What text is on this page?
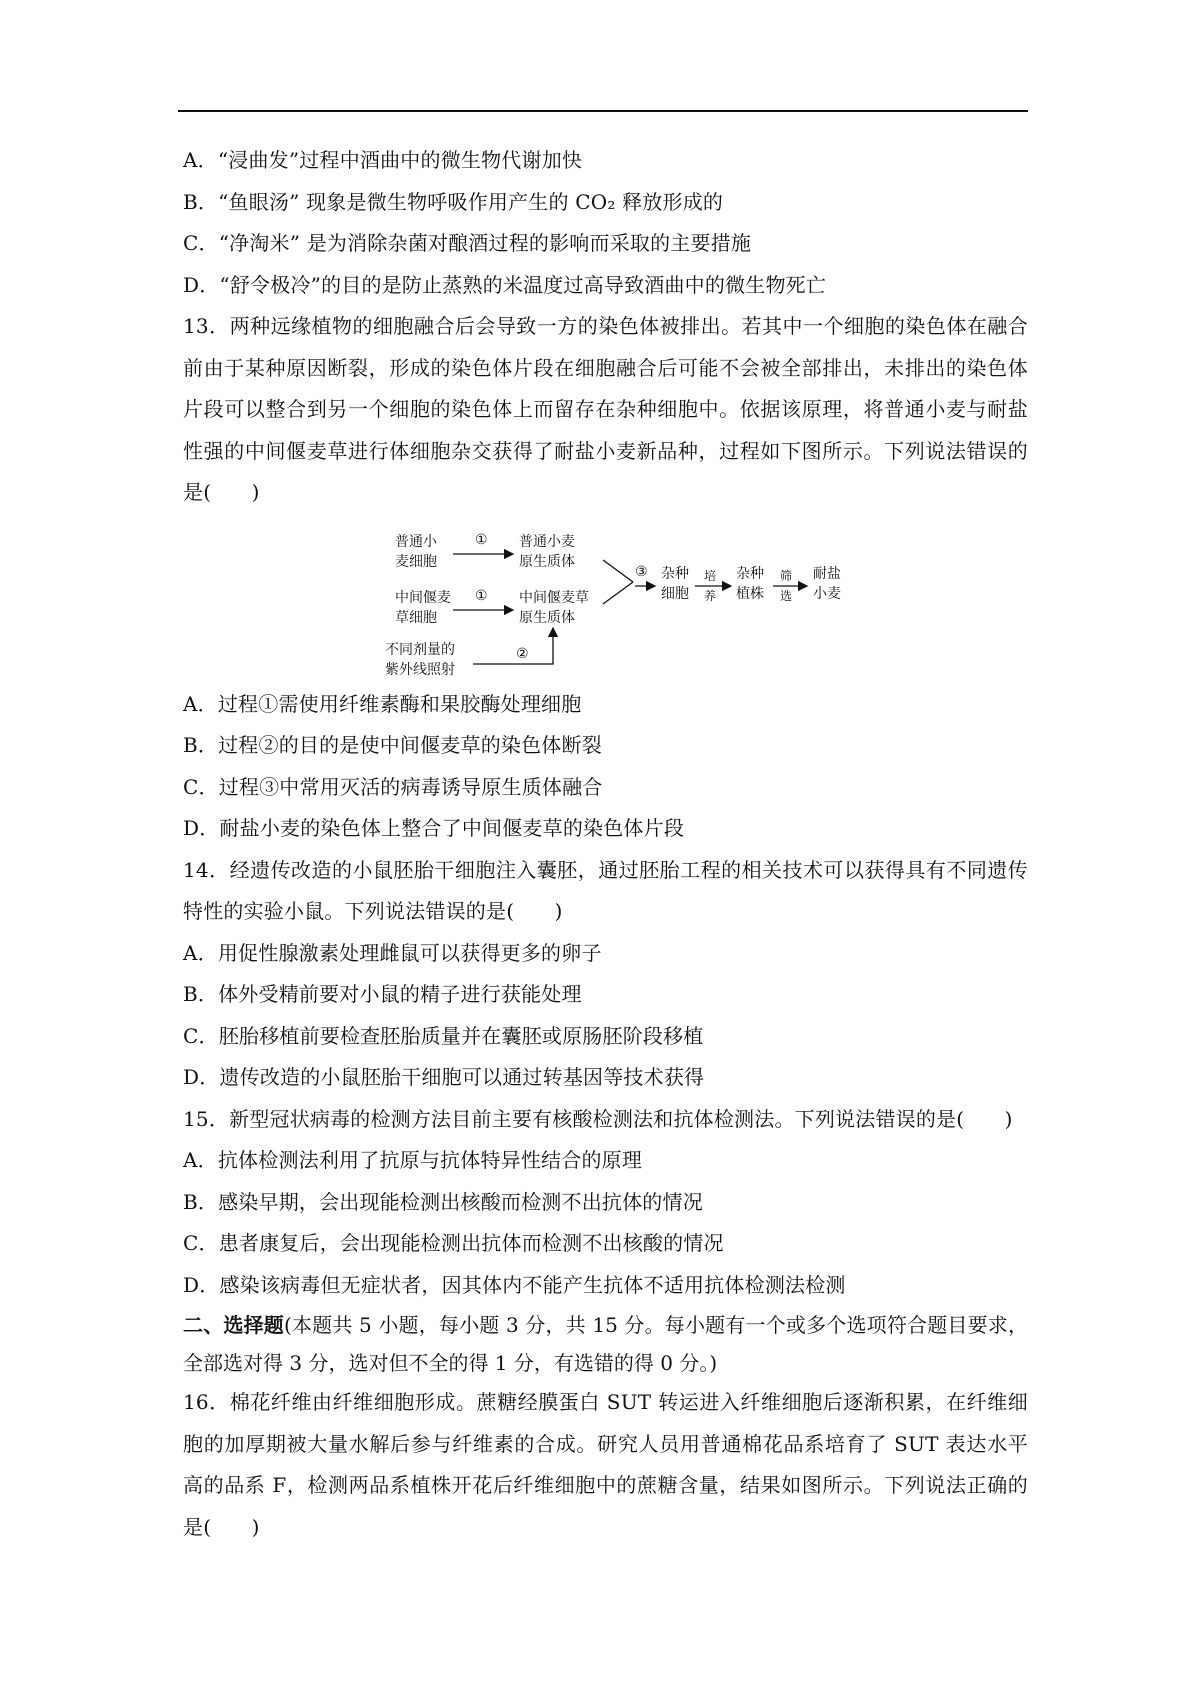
A．“浸曲发”过程中酒曲中的微生物代谢加快
B．“鱼眼汤” 现象是微生物呼吸作用产生的 CO₂ 释放形成的
C．“净淘米” 是为消除杂菌对酿酒过程的影响而采取的主要措施
D．“舒令极冷”的目的是防止蒸熟的米温度过高导致酒曲中的微生物死亡
13．两种远缘植物的细胞融合后会导致一方的染色体被排出。若其中一个细胞的染色体在融合前由于某种原因断裂，形成的染色体片段在细胞融合后可能不会被全部排出，未排出的染色体片段可以整合到另一个细胞的染色体上而留存在杂种细胞中。依据该原理，将普通小麦与耐盐性强的中间偃麦草进行体细胞杂交获得了耐盐小麦新品种，过程如下图所示。下列说法错误的是(　　)
普通小
麦细胞
① 普通小麦
原生质体
中间偃麦
草细胞
① 中间偃麦草
原生质体
不同剂量的
紫外线照射
②
③ 杂种
细胞
培
养
杂种
植株
筛
选
耐盐
小麦
A．过程①需使用纤维素酶和果胶酶处理细胞
B．过程②的目的是使中间偃麦草的染色体断裂
C．过程③中常用灭活的病毒诱导原生质体融合
D．耐盐小麦的染色体上整合了中间偃麦草的染色体片段
14．经遗传改造的小鼠胚胎干细胞注入囊胚，通过胚胎工程的相关技术可以获得具有不同遗传特性的实验小鼠。下列说法错误的是(　　)
A．用促性腺激素处理雌鼠可以获得更多的卵子
B．体外受精前要对小鼠的精子进行获能处理
C．胚胎移植前要检查胚胎质量并在囊胚或原肠胚阶段移植
D．遗传改造的小鼠胚胎干细胞可以通过转基因等技术获得
15．新型冠状病毒的检测方法目前主要有核酸检测法和抗体检测法。下列说法错误的是(　　)
A．抗体检测法利用了抗原与抗体特异性结合的原理
B．感染早期，会出现能检测出核酸而检测不出抗体的情况
C．患者康复后，会出现能检测出抗体而检测不出核酸的情况
D．感染该病毒但无症状者，因其体内不能产生抗体不适用抗体检测法检测
二、选择题(本题共 5 小题，每小题 3 分，共 15 分。每小题有一个或多个选项符合题目要求，全部选对得 3 分，选对但不全的得 1 分，有选错的得 0 分。)
16．棉花纤维由纤维细胞形成。蔗糖经膜蛋白 SUT 转运进入纤维细胞后逐渐积累，在纤维细胞的加厚期被大量水解后参与纤维素的合成。研究人员用普通棉花品系培育了 SUT 表达水平高的品系 F，检测两品系植株开花后纤维细胞中的蔗糖含量，结果如图所示。下列说法正确的是(　　)
